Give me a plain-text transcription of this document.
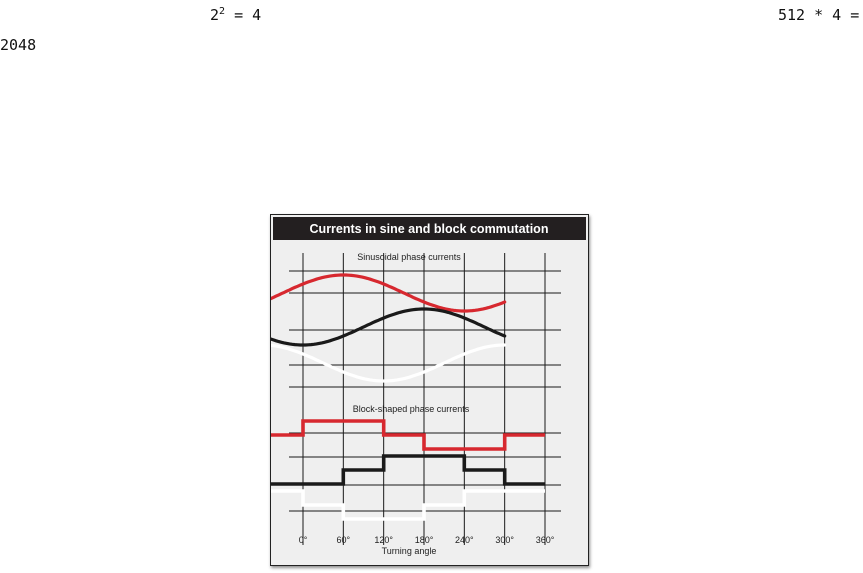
$2^2 = 4$	512 * 4 =
2048
Currents in sine and block commutation
Sinusoidal phase currents
Block-shaped phase currents
0°	60°	120° 180° 240° 300° 360°
Turning angle
